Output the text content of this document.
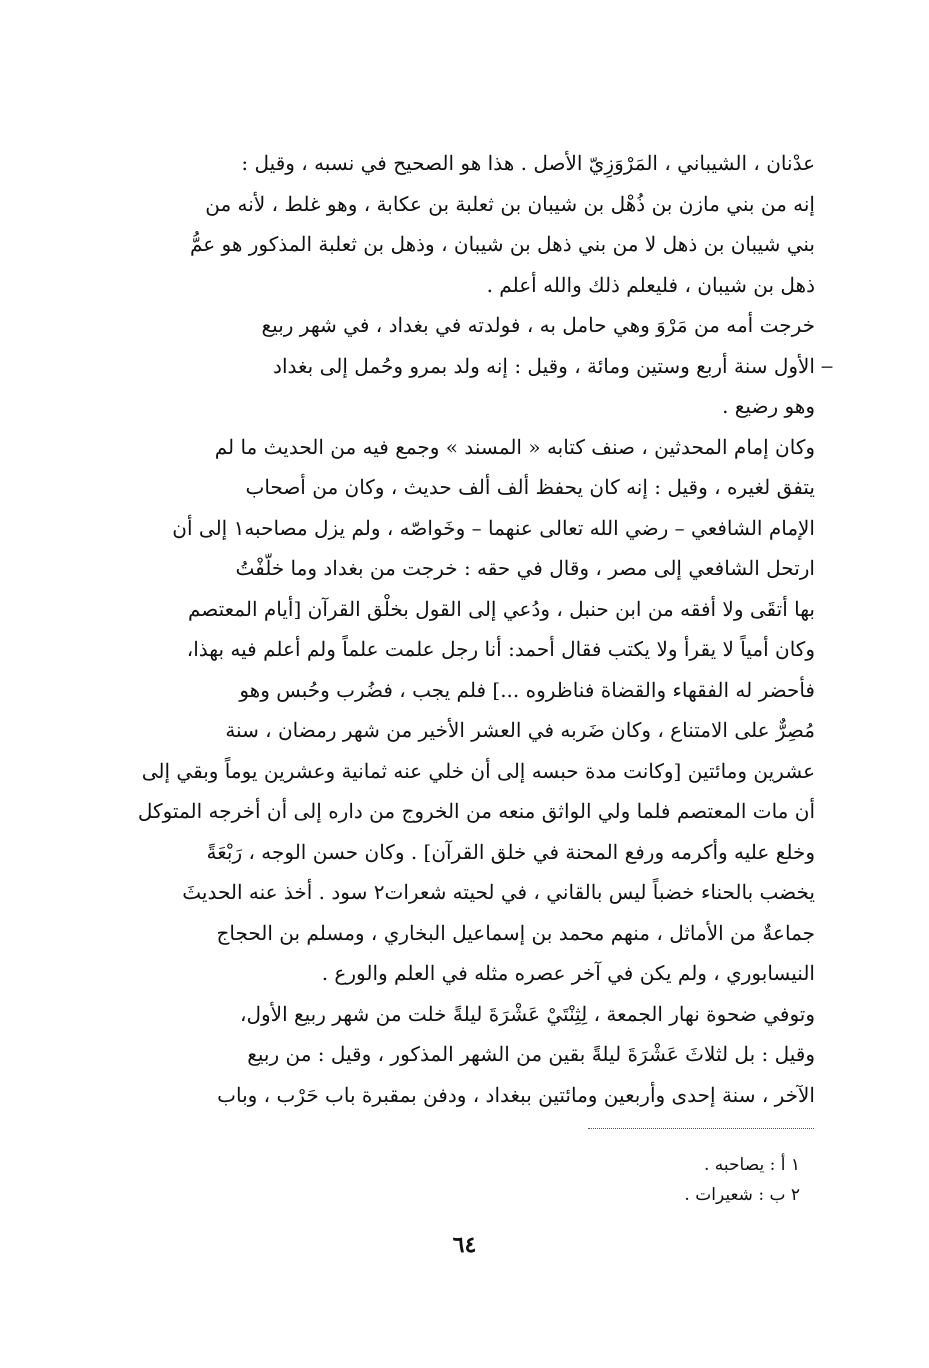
عدْنان ، الشيباني ، المَرْوَزِيّ الأصل . هذا هو الصحيح في نسبه ، وقيل :
إنه من بني مازن بن ذُهْل بن شيبان بن ثعلبة بن عكابة ، وهو غلط ، لأنه من
بني شيبان بن ذهل لا من بني ذهل بن شيبان ، وذهل بن ثعلبة المذكور هو عمُّ
ذهل بن شيبان ، فليعلم ذلك والله أعلم .
خرجت أمه من مَرْوَ وهي حامل به ، فولدته في بغداد ، في شهر ربيع
الأول سنة أربع وستين ومائة ، وقيل : إنه ولد بمرو وحُمل إلى بغداد
وهو رضيع .
وكان إمام المحدثين ، صنف كتابه « المسند » وجمع فيه من الحديث ما لم
يتفق لغيره ، وقيل : إنه كان يحفظ ألف ألف حديث ، وكان من أصحاب
الإمام الشافعي – رضي الله تعالى عنهما – وخَواصّه ، ولم يزل مصاحبه١ إلى أن
ارتحل الشافعي إلى مصر ، وقال في حقه : خرجت من بغداد وما خلّفْتُ
بها أتقَى ولا أفقه من ابن حنبل ، ودُعي إلى القول بخلْق القرآن [أيام المعتصم
وكان أمياً لا يقرأ ولا يكتب فقال أحمد: أنا رجل علمت علماً ولم أعلم فيه بهذا،
فأحضر له الفقهاء والقضاة فناظروه ...] فلم يجب ، فضُرب وحُبس وهو
مُصِرٌّ على الامتناع ، وكان ضَربه في العشر الأخير من شهر رمضان ، سنة
عشرين ومائتين [وكانت مدة حبسه إلى أن خلي عنه ثمانية وعشرين يوماً وبقي إلى
أن مات المعتصم فلما ولي الواثق منعه من الخروج من داره إلى أن أخرجه المتوكل
وخلع عليه وأكرمه ورفع المحنة في خلق القرآن] . وكان حسن الوجه ، رَبْعَةً
يخضب بالحناء خضباً ليس بالقاني ، في لحيته شعرات٢ سود . أخذ عنه الحديثَ
جماعةٌ من الأماثل ، منهم محمد بن إسماعيل البخاري ، ومسلم بن الحجاج
النيسابوري ، ولم يكن في آخر عصره مثله في العلم والورع .
وتوفي ضحوة نهار الجمعة ، لِثِنْتَيْ عَشْرَةَ ليلةً خلت من شهر ربيع الأول،
وقيل : بل لثلاثَ عَشْرَةَ ليلةً بقين من الشهر المذكور ، وقيل : من ربيع
الآخر ، سنة إحدى وأربعين ومائتين ببغداد ، ودفن بمقبرة باب حَرْب ، وباب
ــ
١ أ : يصاحبه .
٢ ب : شعيرات .
٦٤
